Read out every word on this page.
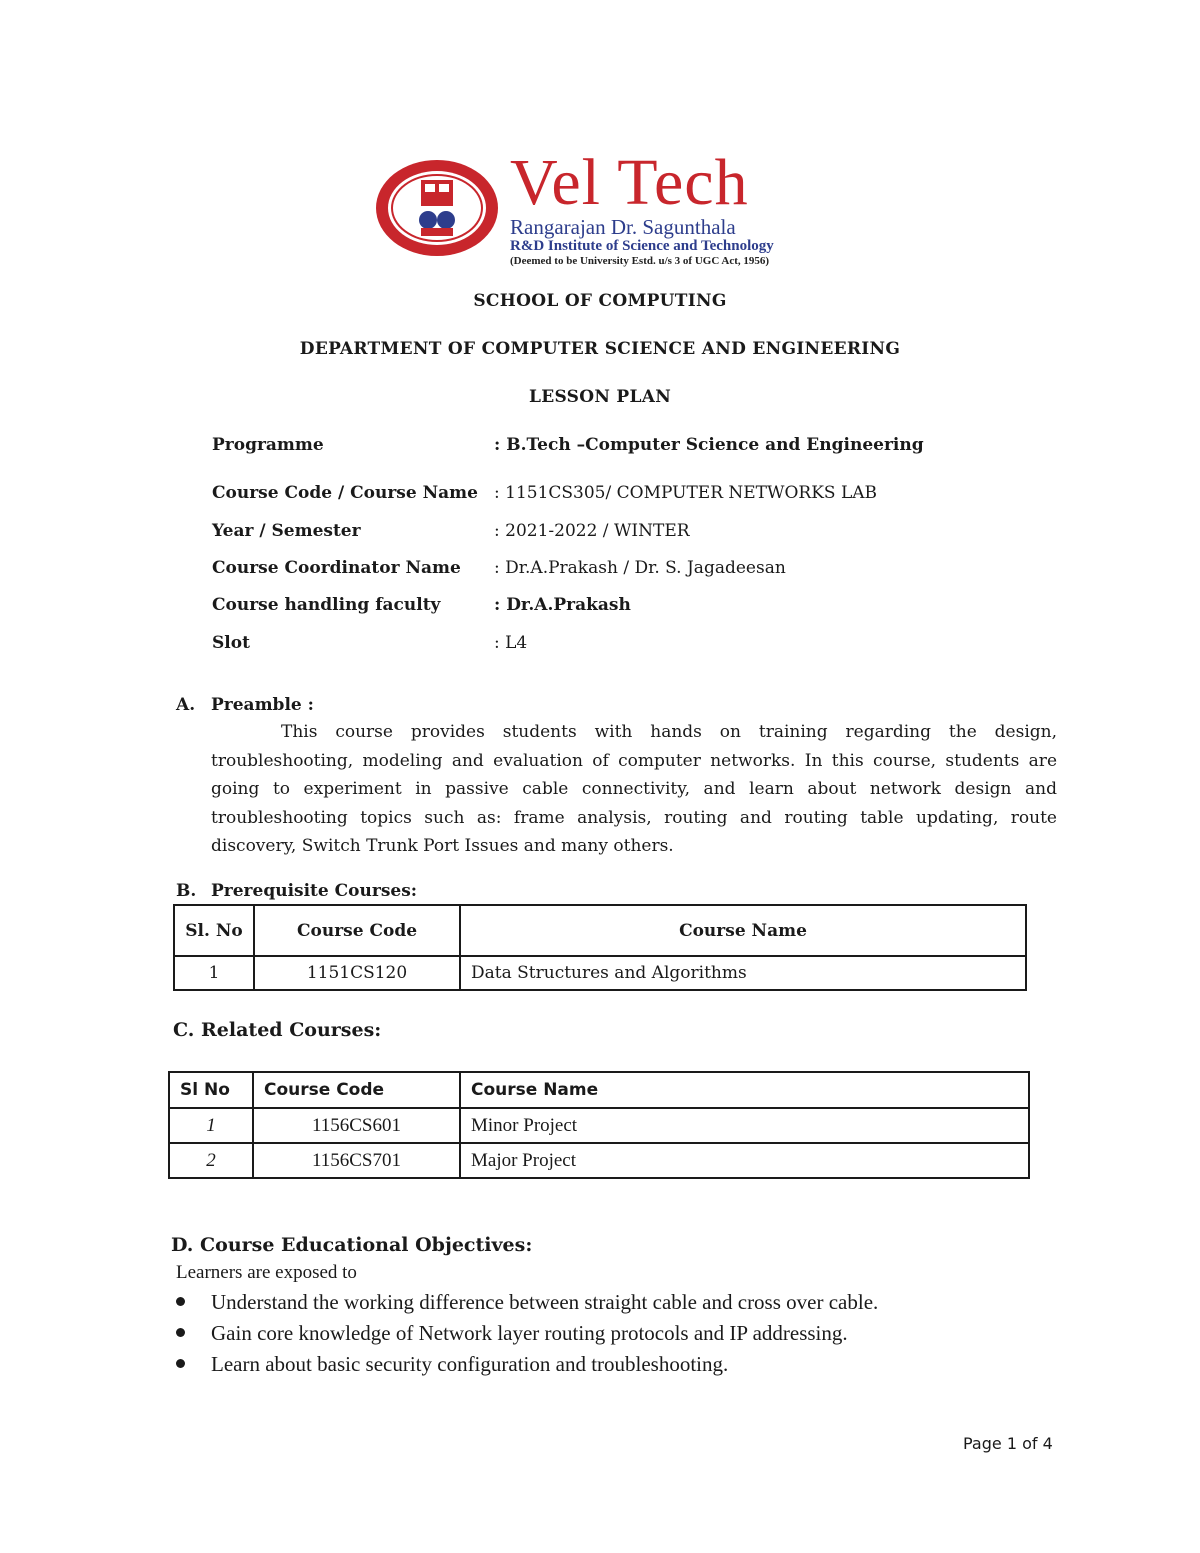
Vel Tech
Rangarajan Dr. Sagunthala
R&D Institute of Science and Technology
(Deemed to be University Estd. u/s 3 of UGC Act, 1956)
SCHOOL OF COMPUTING
DEPARTMENT OF COMPUTER SCIENCE AND ENGINEERING
LESSON PLAN
Programme	: B.Tech –Computer Science and Engineering
Course Code / Course Name : 1151CS305/ COMPUTER NETWORKS LAB
Year / Semester	: 2021-2022 / WINTER
Course Coordinator Name : Dr.A.Prakash / Dr. S. Jagadeesan
Course handling faculty	: Dr.A.Prakash
Slot	: L4
A. Preamble :
This course provides students with hands on training regarding the design, troubleshooting, modeling and evaluation of computer networks. In this course, students are going to experiment in passive cable connectivity, and learn about network design and troubleshooting topics such as: frame analysis, routing and routing table updating, route discovery, Switch Trunk Port Issues and many others.
B. Prerequisite Courses:
Sl. No	Course Code	Course Name
1	1151CS120	Data Structures and Algorithms
C. Related Courses:
Sl No	Course Code	Course Name
1	1156CS601	Minor Project
2	1156CS701	Major Project
D. Course Educational Objectives:
Learners are exposed to
Understand the working difference between straight cable and cross over cable.
Gain core knowledge of Network layer routing protocols and IP addressing.
Learn about basic security configuration and troubleshooting.
Page 1 of 4
